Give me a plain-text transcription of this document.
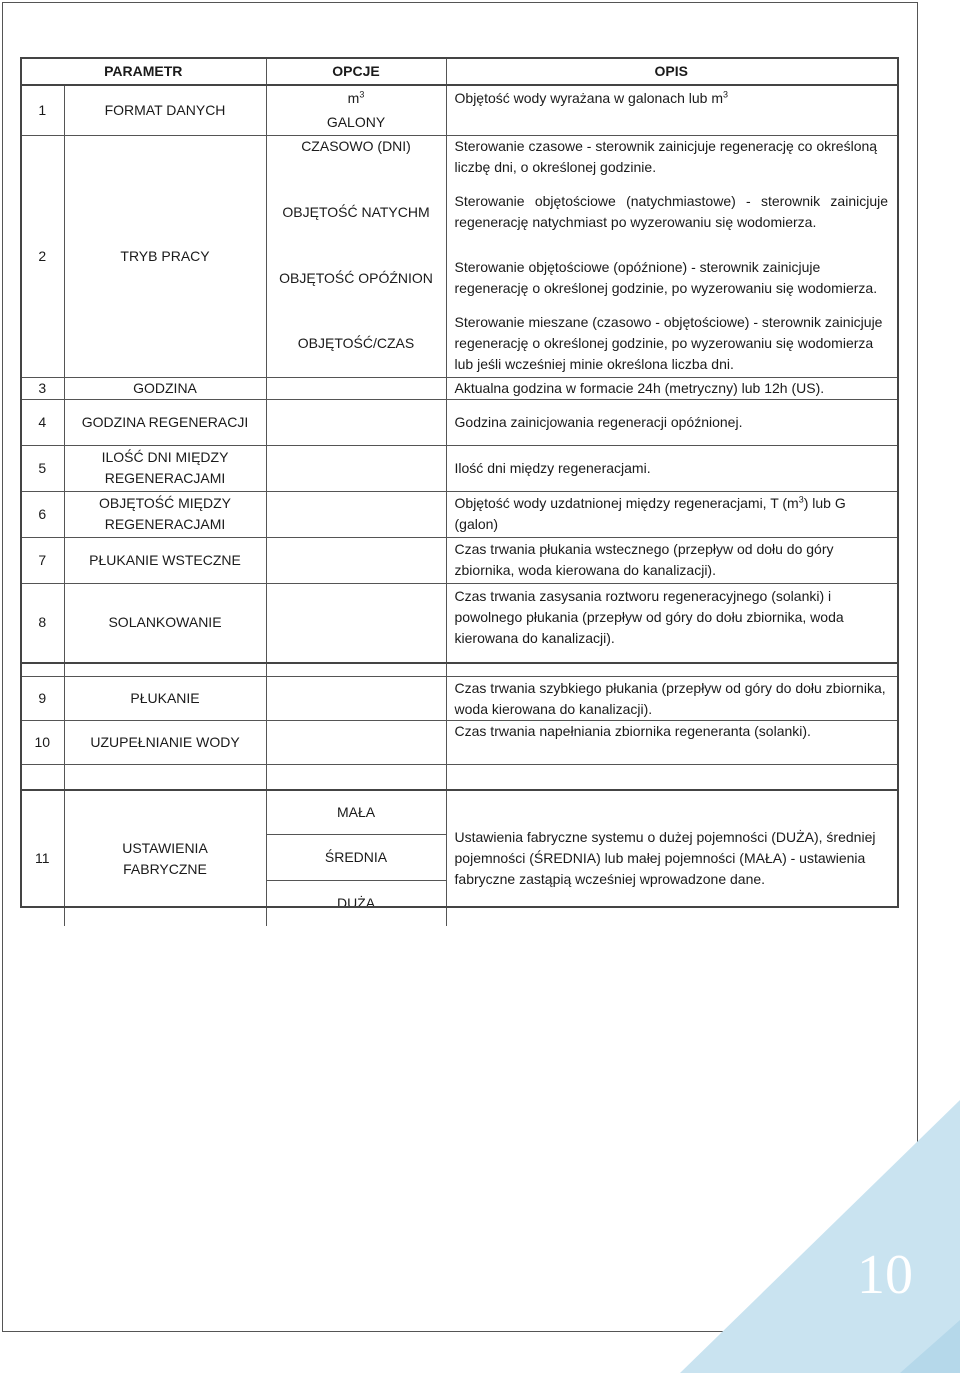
10
PARAMETR		OPCJE	OPIS
1	FORMAT DANYCH	$m^3$	Objętość wody wyrażana w galonach lub $m^3$
		GALONY	
2	TRYB PRACY	CZASOWO (DNI)	Sterowanie czasowe - sterownik zainicjuje regenerację co określoną liczbę dni, o określonej godzinie.
		OBJĘTOŚĆ NATYCHM	Sterowanie objętościowe (natychmiastowe) - sterownik zainicjuje regenerację natychmiast po wyzerowaniu się wodomierza.
		OBJĘTOŚĆ OPÓŹNION	Sterowanie objętościowe (opóźnione) - sterownik zainicjuje regenerację o określonej godzinie, po wyzerowaniu się wodomierza.
		OBJĘTOŚĆ/CZAS	Sterowanie mieszane (czasowo - objętościowe) - sterownik zainicjuje regenerację o określonej godzinie, po wyzerowaniu się wodomierza lub jeśli wcześniej minie określona liczba dni.
3	GODZINA		Aktualna godzina w formacie 24h (metryczny) lub 12h (US).
4	GODZINA REGENERACJI		Godzina zainicjowania regeneracji opóźnionej.
5	ILOŚĆ DNI MIĘDZY REGENERACJAMI		Ilość dni między regeneracjami.
6	OBJĘTOŚĆ MIĘDZY REGENERACJAMI		Objętość wody uzdatnionej między regeneracjami, T $(m^3)$ lub G (galon)
7	PŁUKANIE WSTECZNE		Czas trwania płukania wstecznego (przepływ od dołu do góry zbiornika, woda kierowana do kanalizacji).
8	SOLANKOWANIE		Czas trwania zasysania roztworu regeneracyjnego (solanki) i powolnego płukania (przepływ od góry do dołu zbiornika, woda kierowana do kanalizacji).

9	PŁUKANIE		Czas trwania szybkiego płukania (przepływ od góry do dołu zbiornika, woda kierowana do kanalizacji).
10	UZUPEŁNIANIE WODY		Czas trwania napełniania zbiornika regeneranta (solanki).

11	USTAWIENIA FABRYCZNE	MAŁA	Ustawienia fabryczne systemu o dużej pojemności (DUŻA), średniej pojemności (ŚREDNIA) lub małej pojemności (MAŁA) - ustawienia fabryczne zastąpią wcześniej wprowadzone dane.
		ŚREDNIA	
		DUŻA	
